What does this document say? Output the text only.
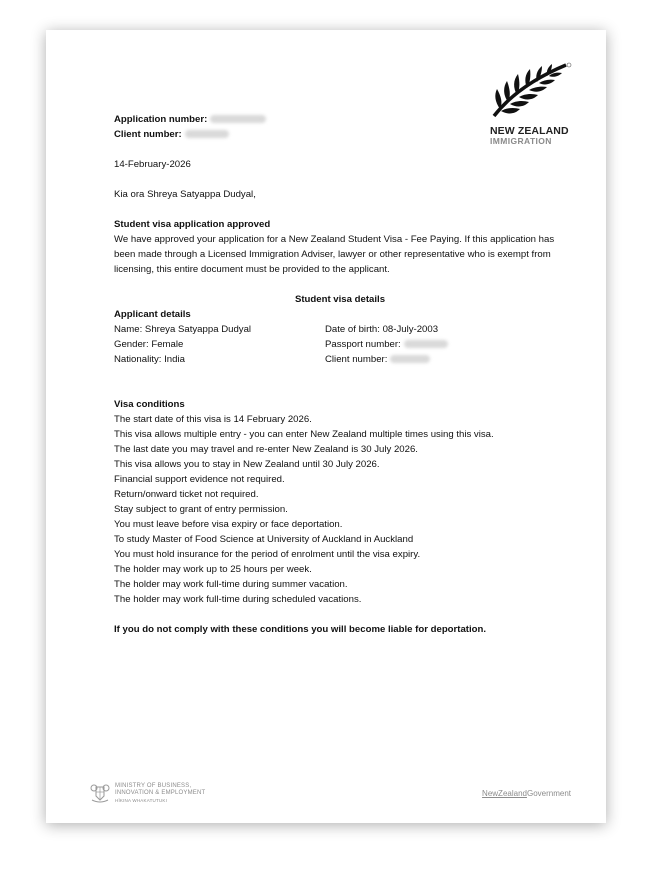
NEW ZEALAND
IMMIGRATION
Application number:
Client number:
14-February-2026
Kia ora Shreya Satyappa Dudyal,
Student visa application approved
We have approved your application for a New Zealand Student Visa - Fee Paying. If this application has been made through a Licensed Immigration Adviser, lawyer or other representative who is exempt from licensing, this entire document must be provided to the applicant.
Student visa details
Applicant details
Name: Shreya Satyappa Dudyal	Date of birth: 08-July-2003
Gender: Female	Passport number:
Nationality: India	Client number:
Visa conditions
The start date of this visa is 14 February 2026.
This visa allows multiple entry - you can enter New Zealand multiple times using this visa.
The last date you may travel and re-enter New Zealand is 30 July 2026.
This visa allows you to stay in New Zealand until 30 July 2026.
Financial support evidence not required.
Return/onward ticket not required.
Stay subject to grant of entry permission.
You must leave before visa expiry or face deportation.
To study Master of Food Science at University of Auckland in Auckland
You must hold insurance for the period of enrolment until the visa expiry.
The holder may work up to 25 hours per week.
The holder may work full-time during summer vacation.
The holder may work full-time during scheduled vacations.
If you do not comply with these conditions you will become liable for deportation.
MINISTRY OF BUSINESS,
INNOVATION & EMPLOYMENT
HĪKINA WHAKATUTUKI
NewZealandGovernment
